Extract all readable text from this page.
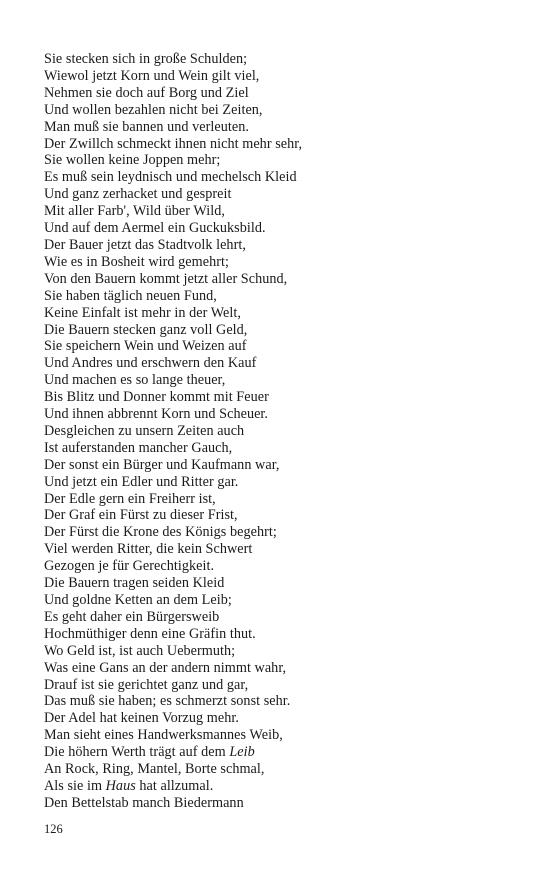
Sie stecken sich in große Schulden;
Wiewol jetzt Korn und Wein gilt viel,
Nehmen sie doch auf Borg und Ziel
Und wollen bezahlen nicht bei Zeiten,
Man muß sie bannen und verleuten.
Der Zwillch schmeckt ihnen nicht mehr sehr,
Sie wollen keine Joppen mehr;
Es muß sein leydnisch und mechelsch Kleid
Und ganz zerhacket und gespreit
Mit aller Farb', Wild über Wild,
Und auf dem Aermel ein Guckuksbild.
Der Bauer jetzt das Stadtvolk lehrt,
Wie es in Bosheit wird gemehrt;
Von den Bauern kommt jetzt aller Schund,
Sie haben täglich neuen Fund,
Keine Einfalt ist mehr in der Welt,
Die Bauern stecken ganz voll Geld,
Sie speichern Wein und Weizen auf
Und Andres und erschwern den Kauf
Und machen es so lange theuer,
Bis Blitz und Donner kommt mit Feuer
Und ihnen abbrennt Korn und Scheuer.
Desgleichen zu unsern Zeiten auch
Ist auferstanden mancher Gauch,
Der sonst ein Bürger und Kaufmann war,
Und jetzt ein Edler und Ritter gar.
Der Edle gern ein Freiherr ist,
Der Graf ein Fürst zu dieser Frist,
Der Fürst die Krone des Königs begehrt;
Viel werden Ritter, die kein Schwert
Gezogen je für Gerechtigkeit.
Die Bauern tragen seiden Kleid
Und goldne Ketten an dem Leib;
Es geht daher ein Bürgersweib
Hochmüthiger denn eine Gräfin thut.
Wo Geld ist, ist auch Uebermuth;
Was eine Gans an der andern nimmt wahr,
Drauf ist sie gerichtet ganz und gar,
Das muß sie haben; es schmerzt sonst sehr.
Der Adel hat keinen Vorzug mehr.
Man sieht eines Handwerksmannes Weib,
Die höhern Werth trägt auf dem Leib
An Rock, Ring, Mantel, Borte schmal,
Als sie im Haus hat allzumal.
Den Bettelstab manch Biedermann
126
